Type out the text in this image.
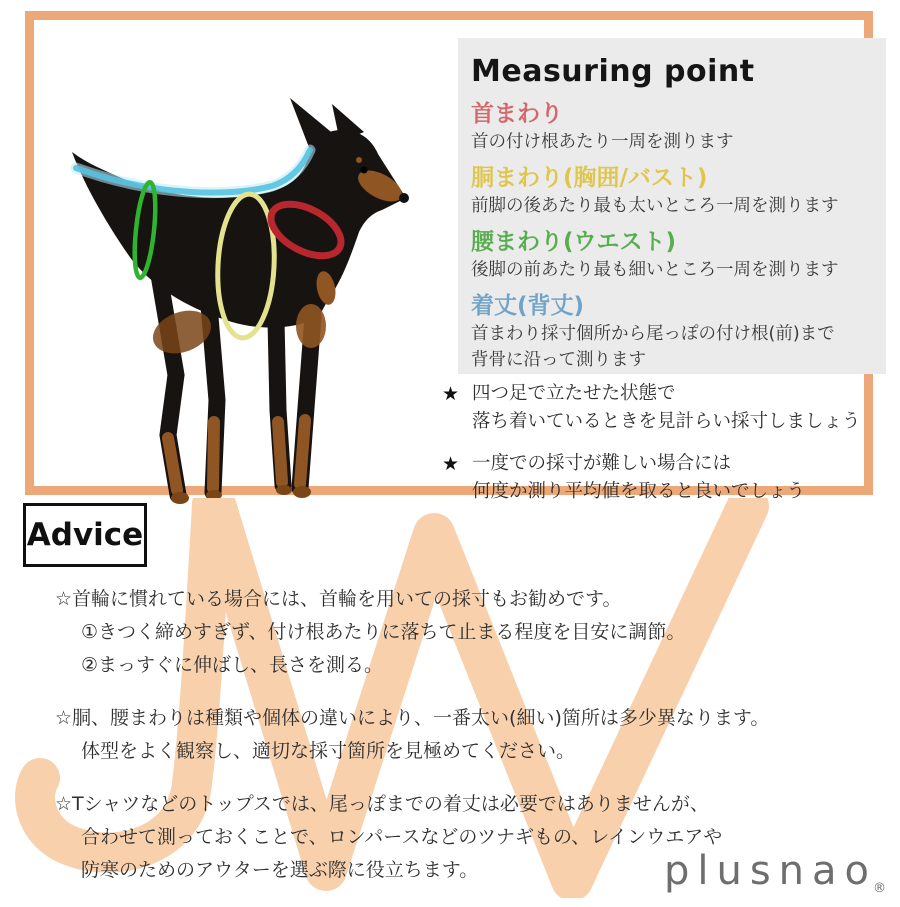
Measuring point
首まわり
首の付け根あたり一周を測ります
胴まわり(胸囲/バスト)
前脚の後あたり最も太いところ一周を測ります
腰まわり(ウエスト)
後脚の前あたり最も細いところ一周を測ります
着丈(背丈)
首まわり採寸個所から尾っぽの付け根(前)まで
背骨に沿って測ります
★ 四つ足で立たせた状態で
落ち着いているときを見計らい採寸しましょう
★ 一度での採寸が難しい場合には
何度か測り平均値を取ると良いでしょう
Advice

☆首輪に慣れている場合には、首輪を用いての採寸もお勧めです。
①きつく締めすぎず、付け根あたりに落ちて止まる程度を目安に調節。
②まっすぐに伸ばし、長さを測る。

☆胴、腰まわりは種類や個体の違いにより、一番太い(細い)箇所は多少異なります。
体型をよく観察し、適切な採寸箇所を見極めてください。

☆Tシャツなどのトップスでは、尾っぽまでの着丈は必要ではありませんが、
合わせて測っておくことで、ロンパースなどのツナギもの、レインウエアや
防寒のためのアウターを選ぶ際に役立ちます。	plusnao$_®$
